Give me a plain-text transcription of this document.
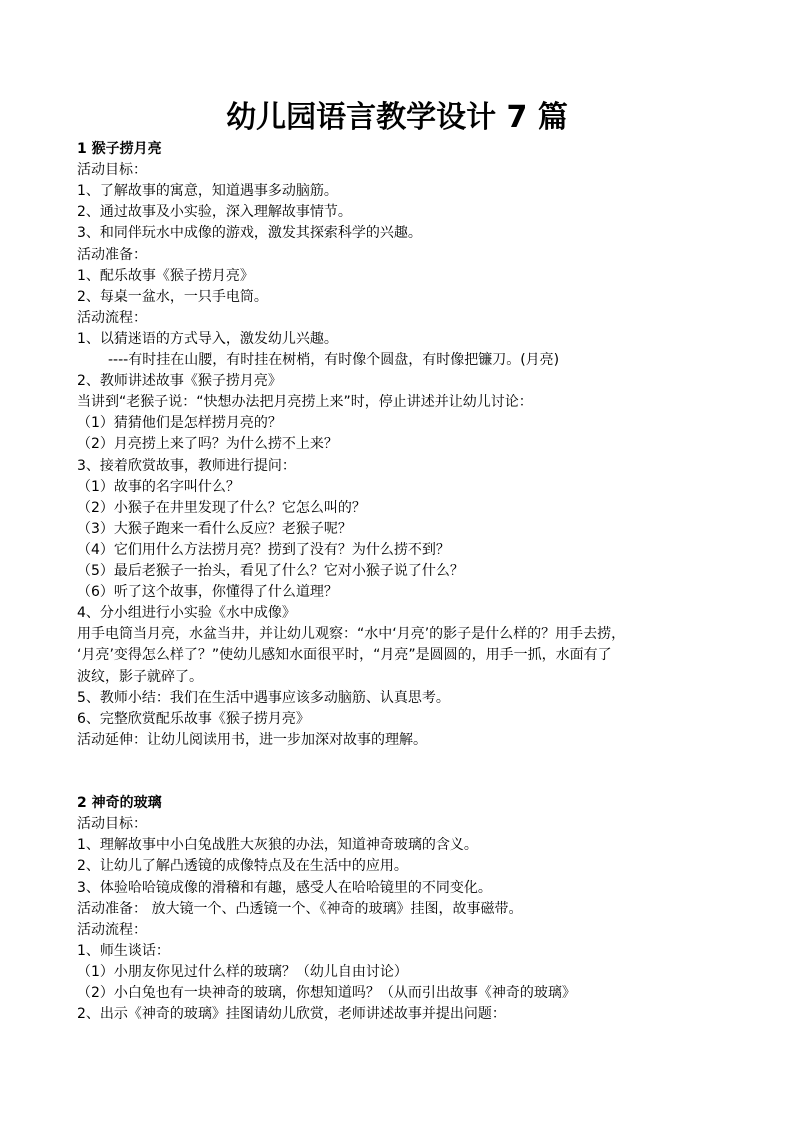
幼儿园语言教学设计 7 篇
1 猴子捞月亮
活动目标：
1、了解故事的寓意，知道遇事多动脑筋。
2、通过故事及小实验，深入理解故事情节。
3、和同伴玩水中成像的游戏，激发其探索科学的兴趣。
活动准备：
1、配乐故事《猴子捞月亮》
2、每桌一盆水，一只手电筒。
活动流程：
1、以猜迷语的方式导入，激发幼儿兴趣。
----有时挂在山腰，有时挂在树梢，有时像个圆盘，有时像把镰刀。(月亮)
2、教师讲述故事《猴子捞月亮》
当讲到“老猴子说：“快想办法把月亮捞上来”时，停止讲述并让幼儿讨论：
（1）猜猜他们是怎样捞月亮的？
（2）月亮捞上来了吗？为什么捞不上来？
3、接着欣赏故事，教师进行提问：
（1）故事的名字叫什么？
（2）小猴子在井里发现了什么？它怎么叫的？
（3）大猴子跑来一看什么反应？老猴子呢？
（4）它们用什么方法捞月亮？捞到了没有？为什么捞不到？
（5）最后老猴子一抬头，看见了什么？它对小猴子说了什么？
（6）听了这个故事，你懂得了什么道理？
4、分小组进行小实验《水中成像》
用手电筒当月亮，水盆当井，并让幼儿观察：“水中‘月亮’的影子是什么样的？用手去捞，
‘月亮’变得怎么样了？”使幼儿感知水面很平时，“月亮”是圆圆的，用手一抓，水面有了
波纹，影子就碎了。
5、教师小结：我们在生活中遇事应该多动脑筋、认真思考。
6、完整欣赏配乐故事《猴子捞月亮》
活动延伸：让幼儿阅读用书，进一步加深对故事的理解。
2 神奇的玻璃
活动目标：
1、理解故事中小白兔战胜大灰狼的办法，知道神奇玻璃的含义。
2、让幼儿了解凸透镜的成像特点及在生活中的应用。
3、体验哈哈镜成像的滑稽和有趣，感受人在哈哈镜里的不同变化。
活动准备： 放大镜一个、凸透镜一个、《神奇的玻璃》挂图，故事磁带。
活动流程：
1、师生谈话：
（1）小朋友你见过什么样的玻璃？（幼儿自由讨论）
（2）小白兔也有一块神奇的玻璃，你想知道吗？（从而引出故事《神奇的玻璃》
2、出示《神奇的玻璃》挂图请幼儿欣赏，老师讲述故事并提出问题：
